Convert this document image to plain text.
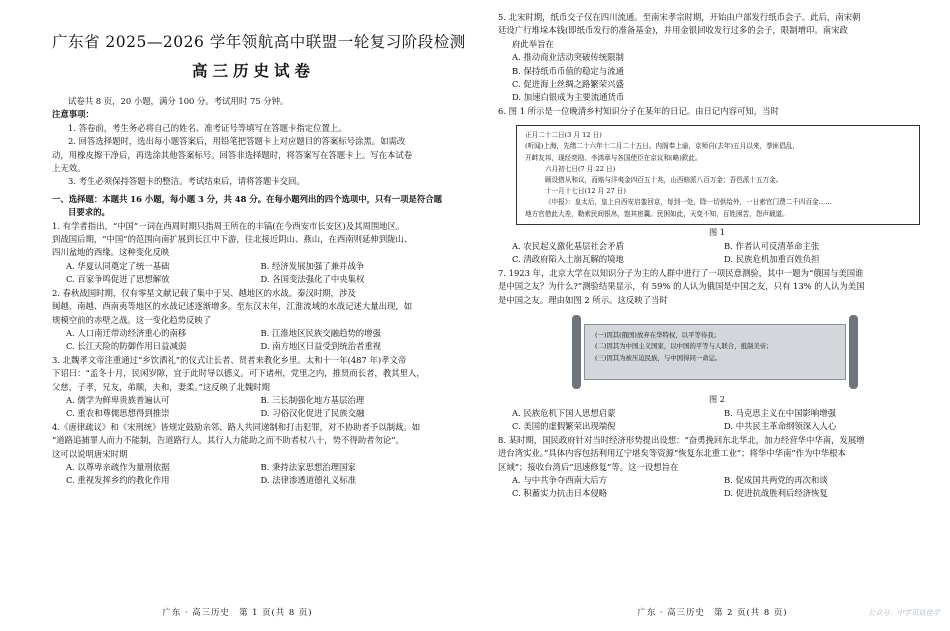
广东省 2025—2026 学年领航高中联盟一轮复习阶段检测
高三历史试卷
试卷共 8 页，20 小题，满分 100 分。考试用时 75 分钟。
注意事项：
1. 答卷前，考生务必将自己的姓名、准考证号等填写在答题卡指定位置上。
2. 回答选择题时，选出每小题答案后，用铅笔把答题卡上对应题目的答案标号涂黑。如需改
动，用橡皮擦干净后，再选涂其他答案标号。回答非选择题时，将答案写在答题卡上。写在本试卷
上无效。
3. 考生必须保持答题卡的整洁。考试结束后，请将答题卡交回。
一、选择题：本题共 16 小题，每小题 3 分，共 48 分。在每小题列出的四个选项中，只有一项是符合题
目要求的。
1. 有学者指出，“中国”一词在西周时期只指周王所在的丰镐(在今西安市长安区)及其周围地区。
到战国后期，“中国”的范围向南扩展到长江中下游，往北接近阴山、燕山，在西南则延伸到陇山、
四川盆地的西缘。这种变化反映
A. 华夏认同奠定了统一基础	B. 经济发展加强了兼并战争
C. 百家争鸣促进了思想解放	D. 各国变法强化了中央集权
2. 春秋战国时期，仅有零星文献记载了集中于吴、越地区的水战。秦汉时期，涉及
闽越、南越、西南夷等地区的水战记述逐渐增多。至东汉末年，江淮流域的水战记述大量出现，如
规模空前的赤壁之战。这一变化趋势反映了
A. 人口南迁带动经济重心的南移	B. 江淮地区民族交融趋势的增强
C. 长江天险的防御作用日益减弱	D. 南方地区日益受到统治者重视
3. 北魏孝文帝注重通过“乡饮酒礼”的仪式让长者、贤者来教化乡里。太和十一年(487 年)孝文帝
下诏曰：“孟冬十月，民闲岁隙，宜于此时导以德义。可下诸州，党里之内，推贤而长者，教其里人，
父慈，子孝，兄友，弟顺，夫和，妻柔。”这反映了北魏时期
A. 儒学为鲜卑贵族普遍认可	B. 三长制强化地方基层治理
C. 重农和尊儒思想得到推崇	D. 习俗汉化促进了民族交融
4.《唐律疏议》和《宋刑统》皆规定鼓励亲邻、路人共同递制和打击犯罪，对不协助者予以制裁。如
“道路追捕罪人而力不能制，告道路行人，其行人力能助之而不助者杖八十，势不得助者勿论”。
这可以说明唐宋时期
A. 以尊卑亲疏作为量刑依据	B. 秉持法家思想治理国家
C. 重视发挥乡约的教化作用	D. 法律渗透道德礼义标准
广东 · 高三历史　第 1 页(共 8 页)
5. 北宋时期，纸币交子仅在四川流通。至南宋孝宗时期，开始由户部发行纸币会子。此后，南宋朝
廷设广行堆垛本钱(即纸币发行的准备基金)，并用金银回收发行过多的会子，限制增印。南宋政
府此举旨在
A. 推动商业活动突破传统限制
B. 保持纸币币值的稳定与流通
C. 促进海上丝绸之路繁荣兴盛
D. 加速白银成为主要流通货币
6. 图 1 所示是一位晚清乡村知识分子在某年的日记。由日记内容可知，当时
正月二十二日(3 月 12 日)
(听闻)上海，先绪二十六年十二月二十五日。内阁奉上谕，京师自(去年)五月以来，拳匪倡乱，
开衅友邦，现经奕劻、李鸿章与各国使臣在京议和(略)欽此。
六月初七日(7 月 22 日)
顾设借从和议，而赔与洋夷金四百五十兆，山西赔派八百万金；吾邑派十五万金。
十一月十七日(12 月 27 日)
《申报》：皇太后，皇上自西安启銮回京，每到一处，除一切供给外，一日索官门费二千四百金……
地方官借此大差，勒索民间银帛，饱其宦囊。民困如此，天变不知，百姓困苦，怨声载道。
图 1
A. 农民起义激化基层社会矛盾	B. 作者认可反清革命主张
C. 清政府陷入土崩瓦解的境地	D. 民族危机加重百姓负担
7. 1923 年，北京大学在以知识分子为主的人群中进行了一项民意测验，其中一题为“俄国与美国谁
是中国之友？为什么?”测验结果显示，有 59% 的人认为俄国是中国之友，只有 13% 的人认为美国
是中国之友。理由如图 2 所示。这反映了当时
(一)因其(俄国)放弃在华特权，以平等待我；
(二)因其为中国主义国家，以中国的平等与人联合，抵制美帝；
(三)因其为被压迫民族，与中国得同一命运。
图 2
A. 民族危机下国人思想启蒙	B. 马克思主义在中国影响增强
C. 美国的虚假繁荣出现端倪	D. 中共民主革命纲领深入人心
8. 某时期，国民政府针对当时经济形势提出设想：“奋勇挽回东北华北，加力经营华中华南，发展增
进台湾实业。”具体内容包括利用辽宁堪矣等资源“恢复东北重工业”；将华中华南“作为中华根本
区域”；接收台湾后“迅速修复”等。这一设想旨在
A. 与中共争夺西南大后方	B. 促成国共两党的再次和谈
C. 积蓄实力抗击日本侵略	D. 促进抗战胜利后经济恢复
广东 · 高三历史　第 2 页(共 8 页)	公众号：中学英语佳学
